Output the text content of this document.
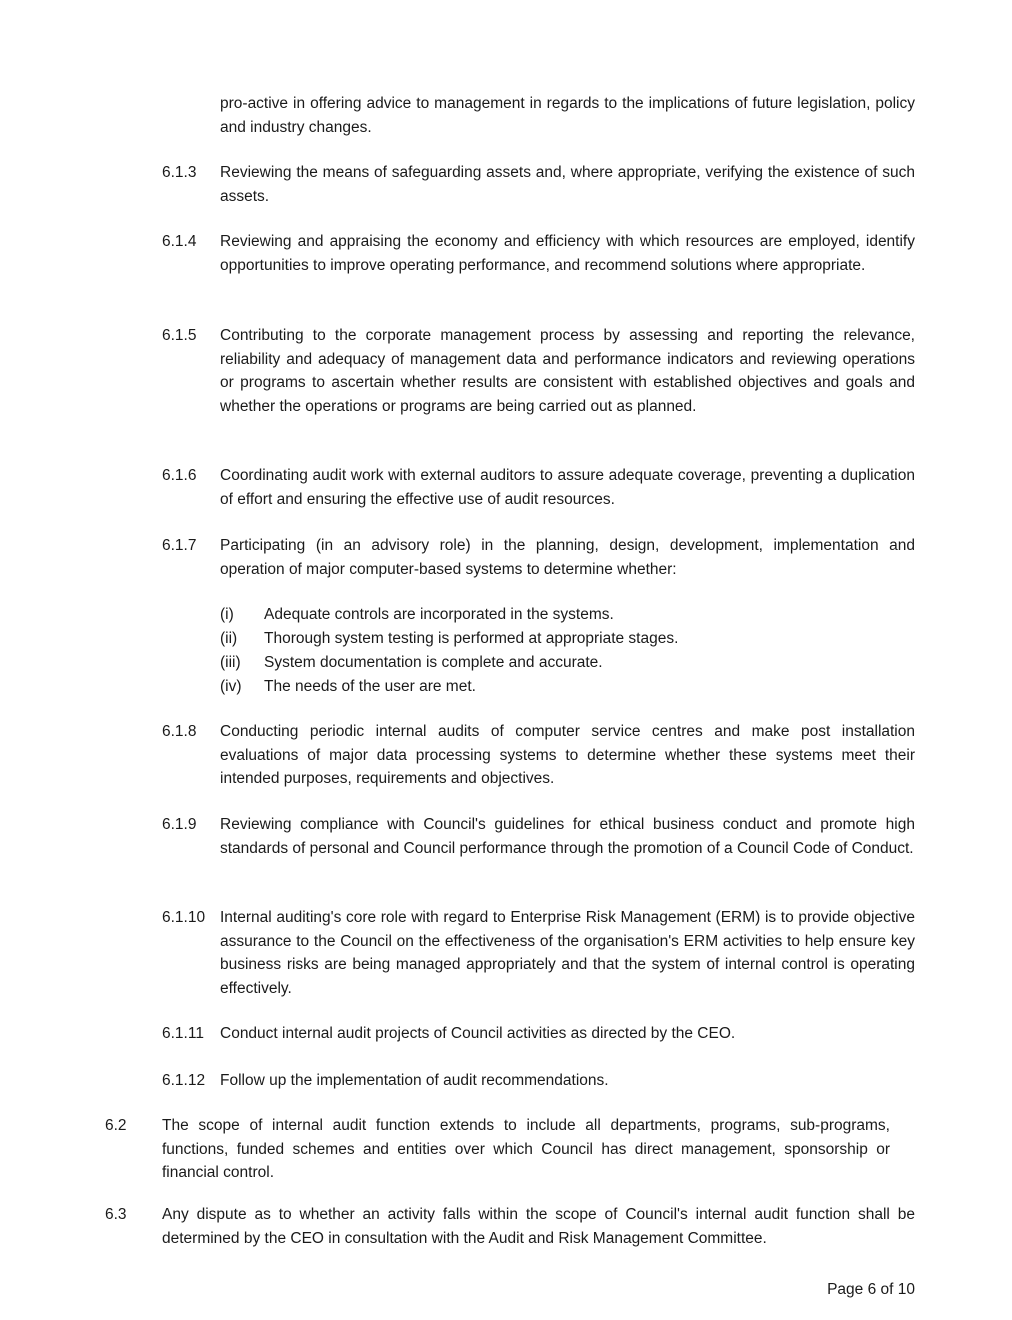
pro-active in offering advice to management in regards to the implications of future legislation, policy and industry changes.
6.1.3 Reviewing the means of safeguarding assets and, where appropriate, verifying the existence of such assets.
6.1.4 Reviewing and appraising the economy and efficiency with which resources are employed, identify opportunities to improve operating performance, and recommend solutions where appropriate.
6.1.5 Contributing to the corporate management process by assessing and reporting the relevance, reliability and adequacy of management data and performance indicators and reviewing operations or programs to ascertain whether results are consistent with established objectives and goals and whether the operations or programs are being carried out as planned.
6.1.6 Coordinating audit work with external auditors to assure adequate coverage, preventing a duplication of effort and ensuring the effective use of audit resources.
6.1.7 Participating (in an advisory role) in the planning, design, development, implementation and operation of major computer-based systems to determine whether:
(i) Adequate controls are incorporated in the systems.
(ii) Thorough system testing is performed at appropriate stages.
(iii) System documentation is complete and accurate.
(iv) The needs of the user are met.
6.1.8 Conducting periodic internal audits of computer service centres and make post installation evaluations of major data processing systems to determine whether these systems meet their intended purposes, requirements and objectives.
6.1.9 Reviewing compliance with Council's guidelines for ethical business conduct and promote high standards of personal and Council performance through the promotion of a Council Code of Conduct.
6.1.10 Internal auditing's core role with regard to Enterprise Risk Management (ERM) is to provide objective assurance to the Council on the effectiveness of the organisation's ERM activities to help ensure key business risks are being managed appropriately and that the system of internal control is operating effectively.
6.1.11 Conduct internal audit projects of Council activities as directed by the CEO.
6.1.12 Follow up the implementation of audit recommendations.
6.2 The scope of internal audit function extends to include all departments, programs, sub-programs, functions, funded schemes and entities over which Council has direct management, sponsorship or financial control.
6.3 Any dispute as to whether an activity falls within the scope of Council's internal audit function shall be determined by the CEO in consultation with the Audit and Risk Management Committee.
Page 6 of 10
